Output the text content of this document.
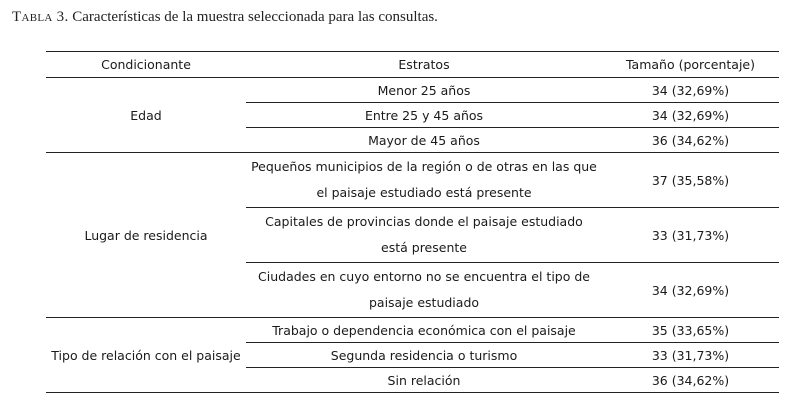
Tabla 3. Características de la muestra seleccionada para las consultas.
Condicionante	Estratos	Tamaño (porcentaje)
Edad	Menor 25 años	34 (32,69%)
	Entre 25 y 45 años	34 (32,69%)
	Mayor de 45 años	36 (34,62%)
Lugar de residencia	Pequeños municipios de la región o de otras en las que el paisaje estudiado está presente	37 (35,58%)
	Capitales de provincias donde el paisaje estudiado está presente	33 (31,73%)
	Ciudades en cuyo entorno no se encuentra el tipo de paisaje estudiado	34 (32,69%)
Tipo de relación con el paisaje	Trabajo o dependencia económica con el paisaje	35 (33,65%)
	Segunda residencia o turismo	33 (31,73%)
	Sin relación	36 (34,62%)
